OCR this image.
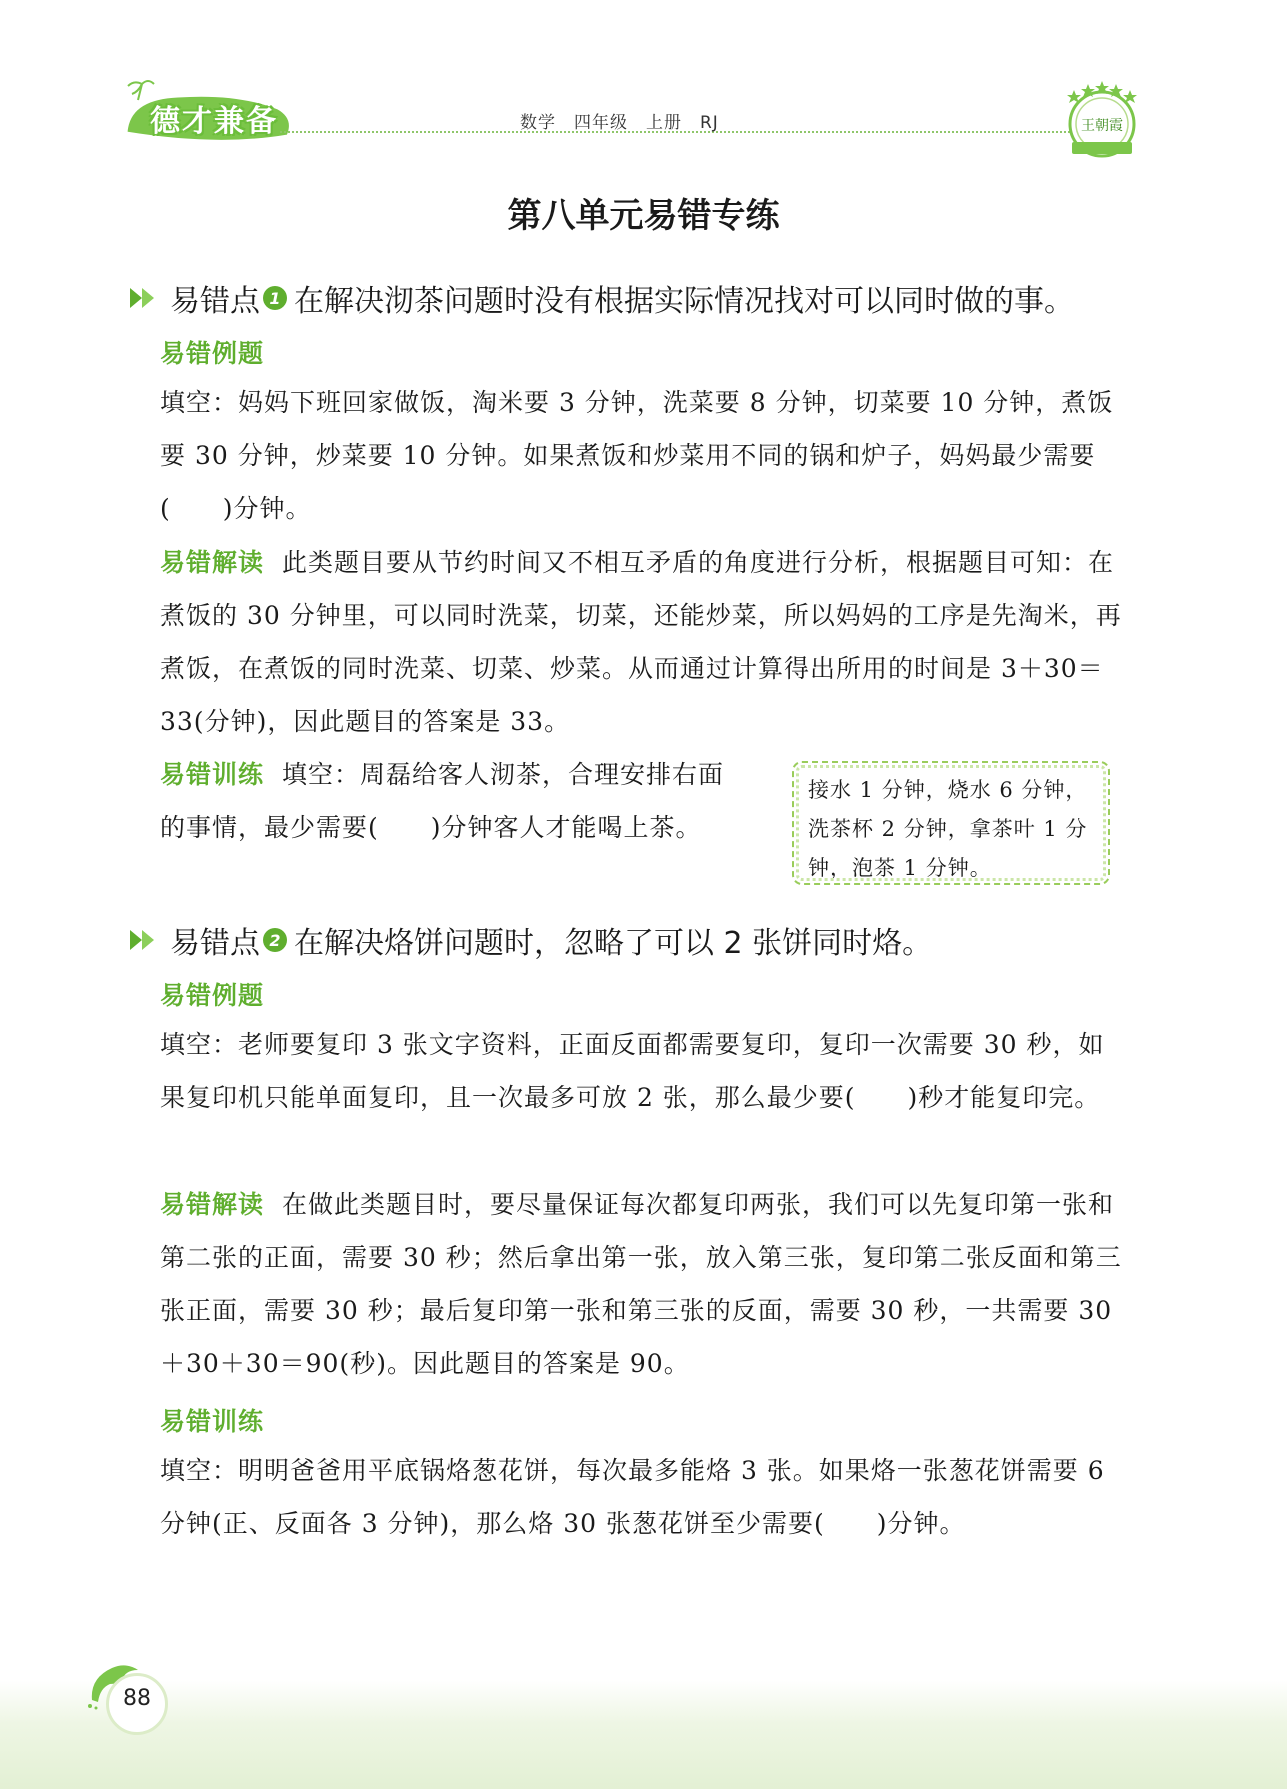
德才兼备	数学　四年级　上册　RJ	王朝霞
第八单元易错专练
易错点 1 在解决沏茶问题时没有根据实际情况找对可以同时做的事。
易错例题

填空：妈妈下班回家做饭，淘米要 3 分钟，洗菜要 8 分钟，切菜要 10 分钟，煮饭要 30 分钟，炒菜要 10 分钟。如果煮饭和炒菜用不同的锅和炉子，妈妈最少需要(　　)分钟。

易错解读 此类题目要从节约时间又不相互矛盾的角度进行分析，根据题目可知：在煮饭的 30 分钟里，可以同时洗菜，切菜，还能炒菜，所以妈妈的工序是先淘米，再煮饭，在煮饭的同时洗菜、切菜、炒菜。从而通过计算得出所用的时间是 3＋30＝33(分钟)，因此题目的答案是 33。

易错训练 填空：周磊给客人沏茶，合理安排右面的事情，最少需要(　　)分钟客人才能喝上茶。

接水 1 分钟，烧水 6 分钟，洗茶杯 2 分钟，拿茶叶 1 分钟，泡茶 1 分钟。
易错点 2 在解决烙饼问题时，忽略了可以 2 张饼同时烙。
易错例题

填空：老师要复印 3 张文字资料，正面反面都需要复印，复印一次需要 30 秒，如果复印机只能单面复印，且一次最多可放 2 张，那么最少要(　　)秒才能复印完。

易错解读 在做此类题目时，要尽量保证每次都复印两张，我们可以先复印第一张和第二张的正面，需要 30 秒；然后拿出第一张，放入第三张，复印第二张反面和第三张正面，需要 30 秒；最后复印第一张和第三张的反面，需要 30 秒，一共需要 30＋30＋30＝90(秒)。因此题目的答案是 90。

易错训练

填空：明明爸爸用平底锅烙葱花饼，每次最多能烙 3 张。如果烙一张葱花饼需要 6 分钟(正、反面各 3 分钟)，那么烙 30 张葱花饼至少需要(　　)分钟。

88
